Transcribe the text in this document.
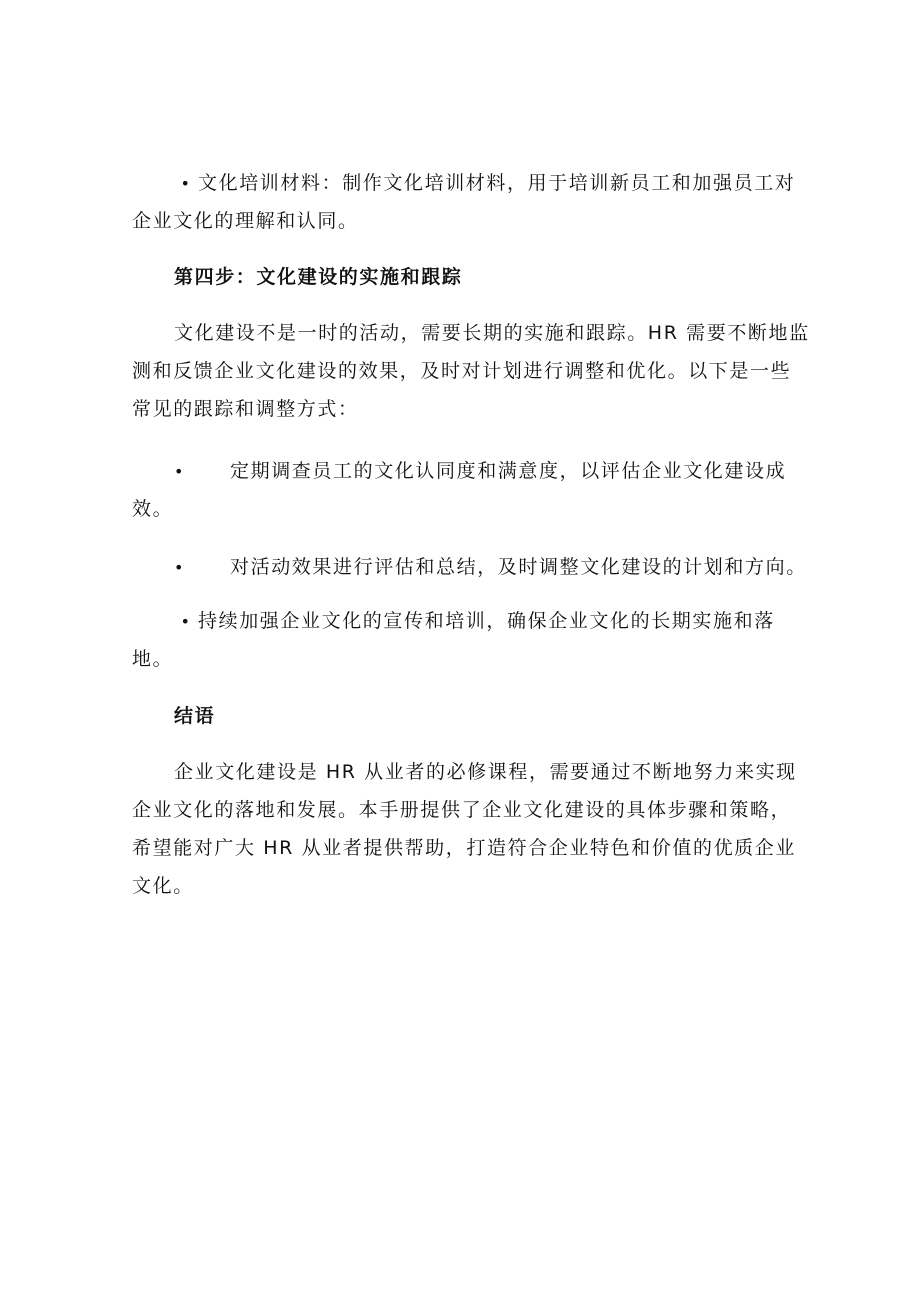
• 文化培训材料：制作文化培训材料，用于培训新员工和加强员工对
企业文化的理解和认同。
第四步：文化建设的实施和跟踪
文化建设不是一时的活动，需要长期的实施和跟踪。HR 需要不断地监
测和反馈企业文化建设的效果，及时对计划进行调整和优化。以下是一些
常见的跟踪和调整方式：
• 定期调查员工的文化认同度和满意度，以评估企业文化建设成
效。
• 对活动效果进行评估和总结，及时调整文化建设的计划和方向。
• 持续加强企业文化的宣传和培训，确保企业文化的长期实施和落
地。
结语
企业文化建设是 HR 从业者的必修课程，需要通过不断地努力来实现
企业文化的落地和发展。本手册提供了企业文化建设的具体步骤和策略，
希望能对广大 HR 从业者提供帮助，打造符合企业特色和价值的优质企业
文化。
